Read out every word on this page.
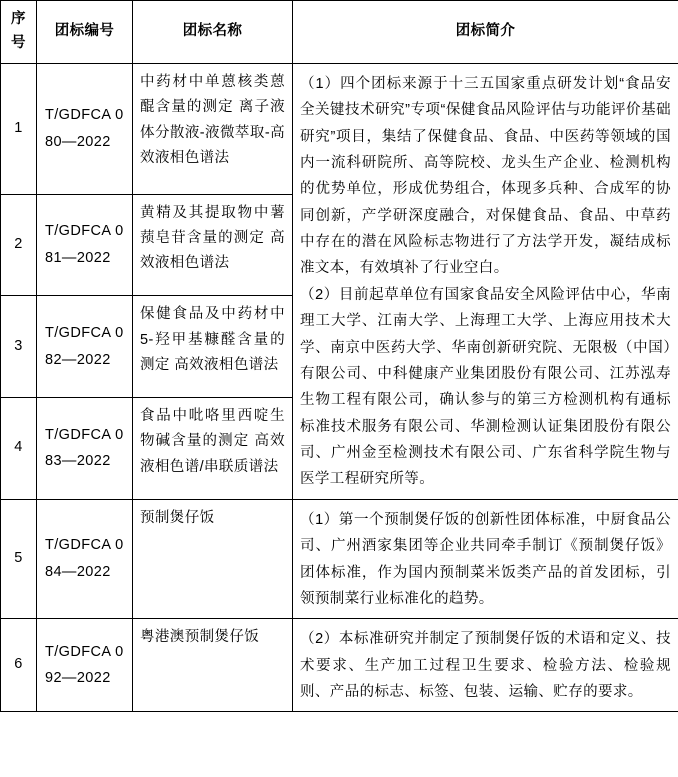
序号	团标编号	团标名称	团标简介
1	T/GDFCA 080—2022	中药材中单蒽核类蒽醌含量的测定 离子液体分散液-液微萃取-高效液相色谱法	（1）四个团标来源于十三五国家重点研发计划“食品安全关键技术研究”专项“保健食品风险评估与功能评价基础研究”项目，集结了保健食品、食品、中医药等领域的国内一流科研院所、高等院校、龙头生产企业、检测机构的优势单位，形成优势组合，体现多兵种、合成军的协同创新，产学研深度融合，对保健食品、食品、中草药中存在的潜在风险标志物进行了方法学开发，凝结成标准文本，有效填补了行业空白。

（2）目前起草单位有国家食品安全风险评估中心，华南理工大学、江南大学、上海理工大学、上海应用技术大学、南京中医药大学、华南创新研究院、无限极（中国）有限公司、中科健康产业集团股份有限公司、江苏泓寿生物工程有限公司，确认参与的第三方检测机构有通标标准技术服务有限公司、华測检测认证集团股份有限公司、广州金至检测技术有限公司、广东省科学院生物与医学工程研究所等。

2	T/GDFCA 081—2022	黄精及其提取物中薯蓣皂苷含量的测定 高效液相色谱法	
3	T/GDFCA 082—2022	保健食品及中药材中5-羟甲基糠醛含量的测定 高效液相色谱法	
4	T/GDFCA 083—2022	食品中吡咯里西啶生物碱含量的测定 高效液相色谱/串联质谱法	
5	T/GDFCA 084—2022	预制煲仔饭	（1）第一个预制煲仔饭的创新性团体标准，中厨食品公司、广州酒家集团等企业共同牵手制订《预制煲仔饭》团体标准，作为国内预制菜米饭类产品的首发团标，引领预制菜行业标准化的趋势。

6	T/GDFCA 092—2022	粤港澳预制煲仔饭	（2）本标准研究并制定了预制煲仔饭的术语和定义、技术要求、生产加工过程卫生要求、检验方法、检验规则、产品的标志、标签、包装、运输、贮存的要求。
